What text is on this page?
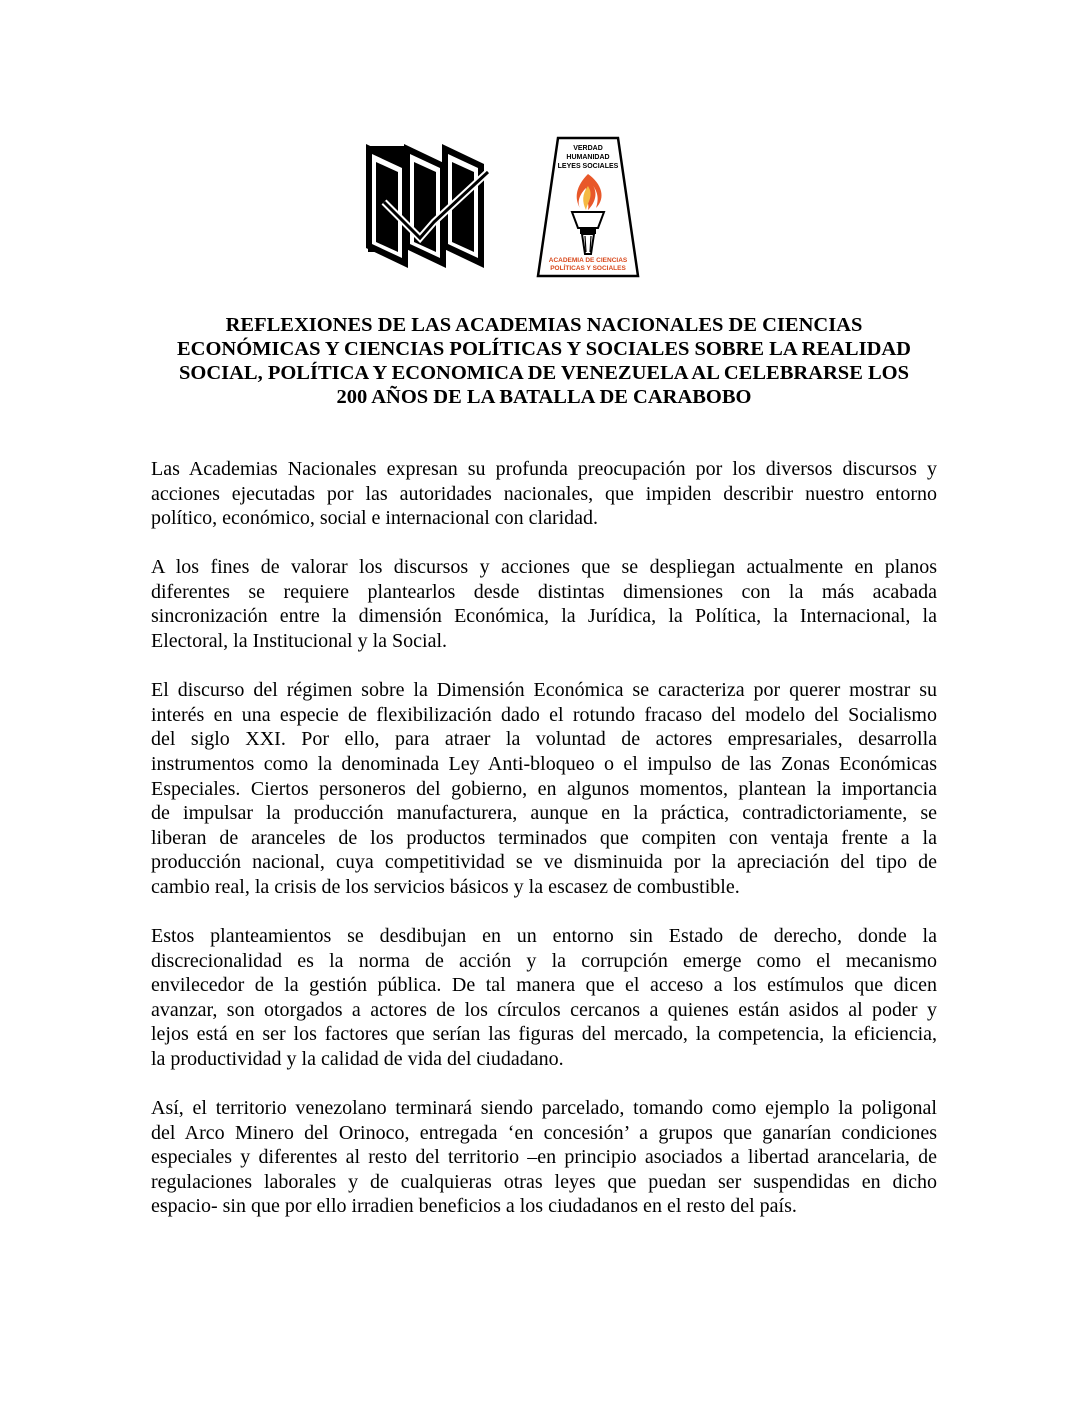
VERDAD
HUMANIDAD
LEYES SOCIALES
ACADEMIA DE CIENCIAS
POLÍTICAS Y SOCIALES
REFLEXIONES DE LAS ACADEMIAS NACIONALES DE CIENCIAS
ECONÓMICAS Y CIENCIAS POLÍTICAS Y SOCIALES SOBRE LA REALIDAD
SOCIAL, POLÍTICA Y ECONOMICA DE VENEZUELA AL CELEBRARSE LOS
200 AÑOS DE LA BATALLA DE CARABOBO

Las Academias Nacionales expresan su profunda preocupación por los diversos discursos y
acciones ejecutadas por las autoridades nacionales, que impiden describir nuestro entorno
político, económico, social e internacional con claridad.

A los fines de valorar los discursos y acciones que se despliegan actualmente en planos
diferentes se requiere plantearlos desde distintas dimensiones con la más acabada
sincronización entre la dimensión Económica, la Jurídica, la Política, la Internacional, la
Electoral, la Institucional y la Social.

El discurso del régimen sobre la Dimensión Económica se caracteriza por querer mostrar su
interés en una especie de flexibilización dado el rotundo fracaso del modelo del Socialismo
del siglo XXI. Por ello, para atraer la voluntad de actores empresariales, desarrolla
instrumentos como la denominada Ley Anti-bloqueo o el impulso de las Zonas Económicas
Especiales. Ciertos personeros del gobierno, en algunos momentos, plantean la importancia
de impulsar la producción manufacturera, aunque en la práctica, contradictoriamente, se
liberan de aranceles de los productos terminados que compiten con ventaja frente a la
producción nacional, cuya competitividad se ve disminuida por la apreciación del tipo de
cambio real, la crisis de los servicios básicos y la escasez de combustible.

Estos planteamientos se desdibujan en un entorno sin Estado de derecho, donde la
discrecionalidad es la norma de acción y la corrupción emerge como el mecanismo
envilecedor de la gestión pública. De tal manera que el acceso a los estímulos que dicen
avanzar, son otorgados a actores de los círculos cercanos a quienes están asidos al poder y
lejos está en ser los factores que serían las figuras del mercado, la competencia, la eficiencia,
la productividad y la calidad de vida del ciudadano.

Así, el territorio venezolano terminará siendo parcelado, tomando como ejemplo la poligonal
del Arco Minero del Orinoco, entregada ‘en concesión’ a grupos que ganarían condiciones
especiales y diferentes al resto del territorio –en principio asociados a libertad arancelaria, de
regulaciones laborales y de cualquieras otras leyes que puedan ser suspendidas en dicho
espacio- sin que por ello irradien beneficios a los ciudadanos en el resto del país.
